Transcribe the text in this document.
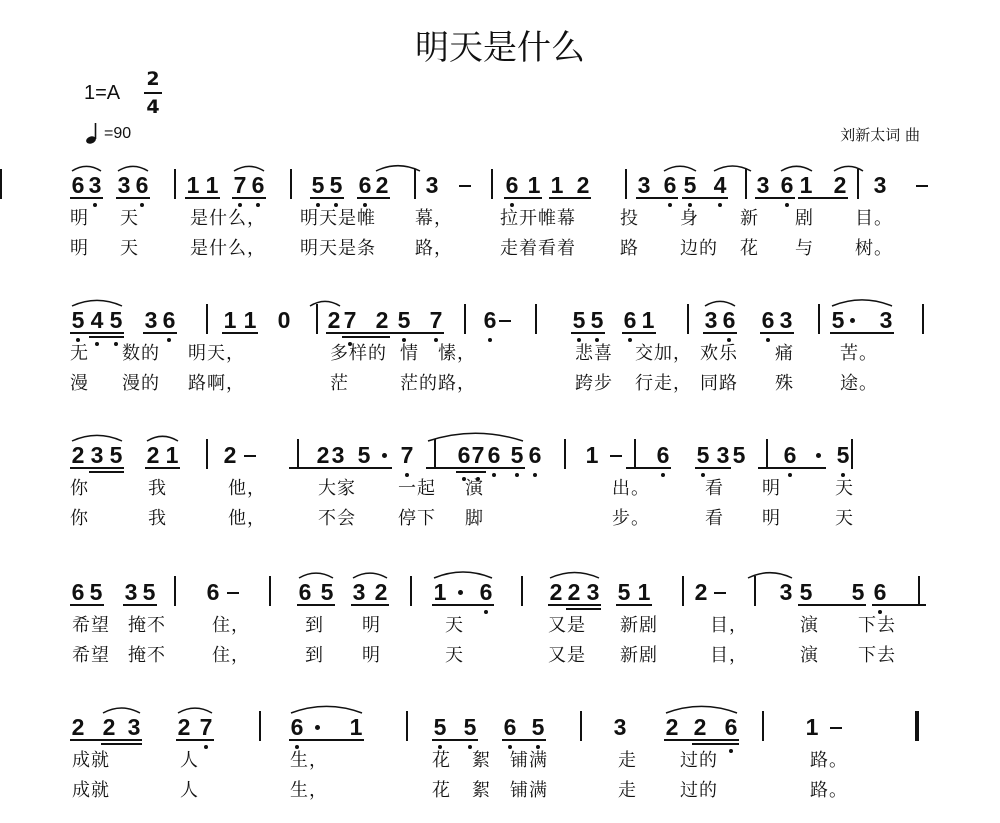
明天是什么
1=A
2
4
=90	刘新太词 曲
6 3 3 6 1 1 7 6 5 5 6 2 3	6 1 1 2 3 6 5 4 3 6 1 2 3
明 天	是什么， 明天是帷 幕，	拉开帷幕 投 身 新 剧 目。
明 天	是什么， 明天是条 路，	走着看着 路 边的 花 与 树。
5 4 5 3 6 1 1 0 2 7 2 5 7 6	5 5 6 1 3 6 6 3 5 3
无 数的 明天，	多样的 情 愫，	悲喜 交加， 欢乐 痛	苦。
漫 漫的 路啊，	茫	茫的 路，	跨步 行走， 同路 殊	途。
2 3 5 2 1 2	2 3 5 7 6 7 6 5 6 1	6 5 3 5 6 5
你	我	他，	大家 一起 演	出。	看 明	天
你	我	他，	不会 停下 脚	步。	看 明	天
6 5 3 5 6	6 5 3 2 1 6 2 2 3 5 1 2	3 5 5 6
希望 掩不	住，	到 明	天	又是 新剧	目，	演 下去
希望 掩不	住，	到 明	天	又是 新剧	目，	演 下去
2 2 3 2 7	6 1	5 5 6 5	3 2 2 6	1
成就	人	生，	花 絮 铺满	走 过的	路。
成就	人	生，	花 絮 铺满	走 过的	路。
